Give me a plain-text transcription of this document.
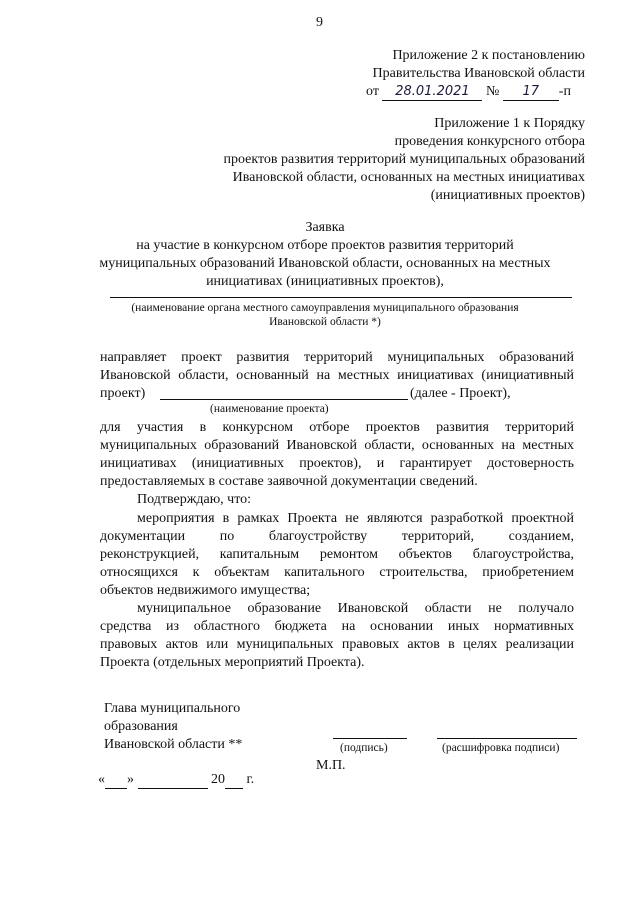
9
Приложение 2 к постановлению
Правительства Ивановской области
от 28.01.2021 № 17 -п
Приложение 1 к Порядку
проведения конкурсного отбора
проектов развития территорий муниципальных образований
Ивановской области, основанных на местных инициативах
(инициативных проектов)
Заявка
на участие в конкурсном отборе проектов развития территорий
муниципальных образований Ивановской области, основанных на местных
инициативах (инициативных проектов),
(наименование органа местного самоуправления муниципального образования
Ивановской области *)
направляет проект развития территорий муниципальных образований
Ивановской области, основанный на местных инициативах (инициативный
проект)	(далее - Проект),
(наименование проекта)
для участия в конкурсном отборе проектов развития территорий
муниципальных образований Ивановской области, основанных на местных
инициативах (инициативных проектов), и гарантирует достоверность
предоставляемых в составе заявочной документации сведений.
Подтверждаю, что:
мероприятия в рамках Проекта не являются разработкой проектной
документации по благоустройству территорий, созданием,
реконструкцией, капитальным ремонтом объектов благоустройства,
относящихся к объектам капитального строительства, приобретением
объектов недвижимого имущества;
муниципальное образование Ивановской области не получало
средства из областного бюджета на основании иных нормативных
правовых актов или муниципальных правовых актов в целях реализации
Проекта (отдельных мероприятий Проекта).
Глава муниципального
образования
Ивановской области **	(подпись)	(расшифровка подписи)
М.П.
« »	20 г.
